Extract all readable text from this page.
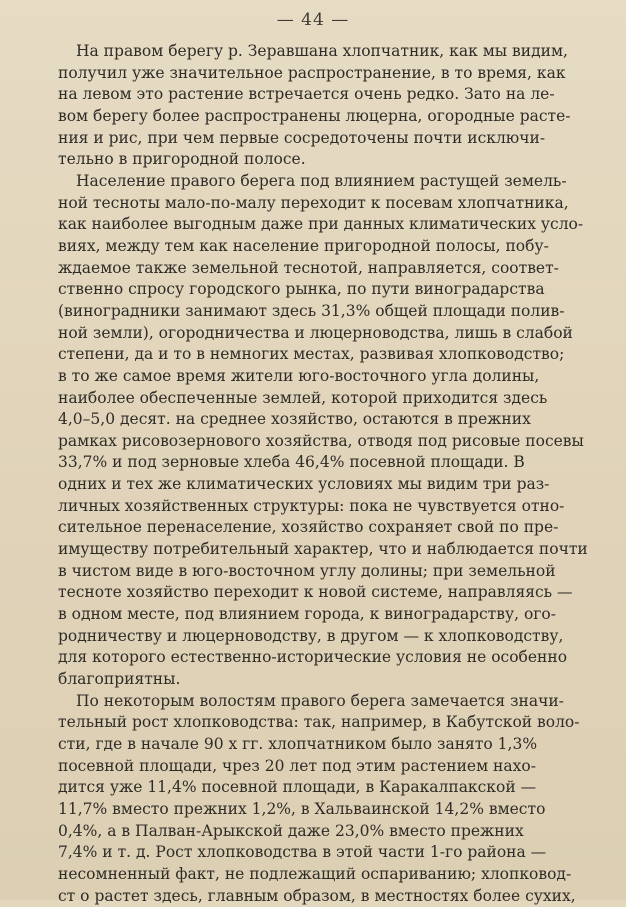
— 44 —
На правом берегу р. Зеравшана хлопчатник, как мы видим,
получил уже значительное распространение, в то время, как
на левом это растение встречается очень редко. Зато на ле-
вом берегу более распространены люцерна, огородные расте-
ния и рис, при чем первые сосредоточены почти исключи-
тельно в пригородной полосе.
Население правого берега под влиянием растущей земель-
ной тесноты мало-по-малу переходит к посевам хлопчатника,
как наиболее выгодным даже при данных климатических усло-
виях, между тем как население пригородной полосы, побу-
ждаемое также земельной теснотой, направляется, соответ-
ственно спросу городского рынка, по пути виноградарства
(виноградники занимают здесь 31,3% общей площади полив-
ной земли), огородничества и люцерноводства, лишь в слабой
степени, да и то в немногих местах, развивая хлопководство;
в то же самое время жители юго-восточного угла долины,
наиболее обеспеченные землей, которой приходится здесь
4,0–5,0 десят. на среднее хозяйство, остаются в прежних
рамках рисовозернового хозяйства, отводя под рисовые посевы
33,7% и под зерновые хлеба 46,4% посевной площади. В
одних и тех же климатических условиях мы видим три раз-
личных хозяйственных структуры: пока не чувствуется отно-
сительное перенаселение, хозяйство сохраняет свой по пре-
имуществу потребительный характер, что и наблюдается почти
в чистом виде в юго-восточном углу долины; при земельной
тесноте хозяйство переходит к новой системе, направляясь —
в одном месте, под влиянием города, к виноградарству, ого-
родничеству и люцерноводству, в другом — к хлопководству,
для которого естественно-исторические условия не особенно
благоприятны.
По некоторым волостям правого берега замечается значи-
тельный рост хлопководства: так, например, в Кабутской воло-
сти, где в начале 90 х гг. хлопчатником было занято 1,3%
посевной площади, чрез 20 лет под этим растением нахо-
дится уже 11,4% посевной площади, в Каракалпакской —
11,7% вместо прежних 1,2%, в Хальваинской 14,2% вместо
0,4%, а в Палван-Арыкской даже 23,0% вместо прежних
7,4% и т. д. Рост хлопководства в этой части 1-го района —
несомненный факт, не подлежащий оспариванию; хлопковод-
ст о растет здесь, главным образом, в местностях более сухих,
